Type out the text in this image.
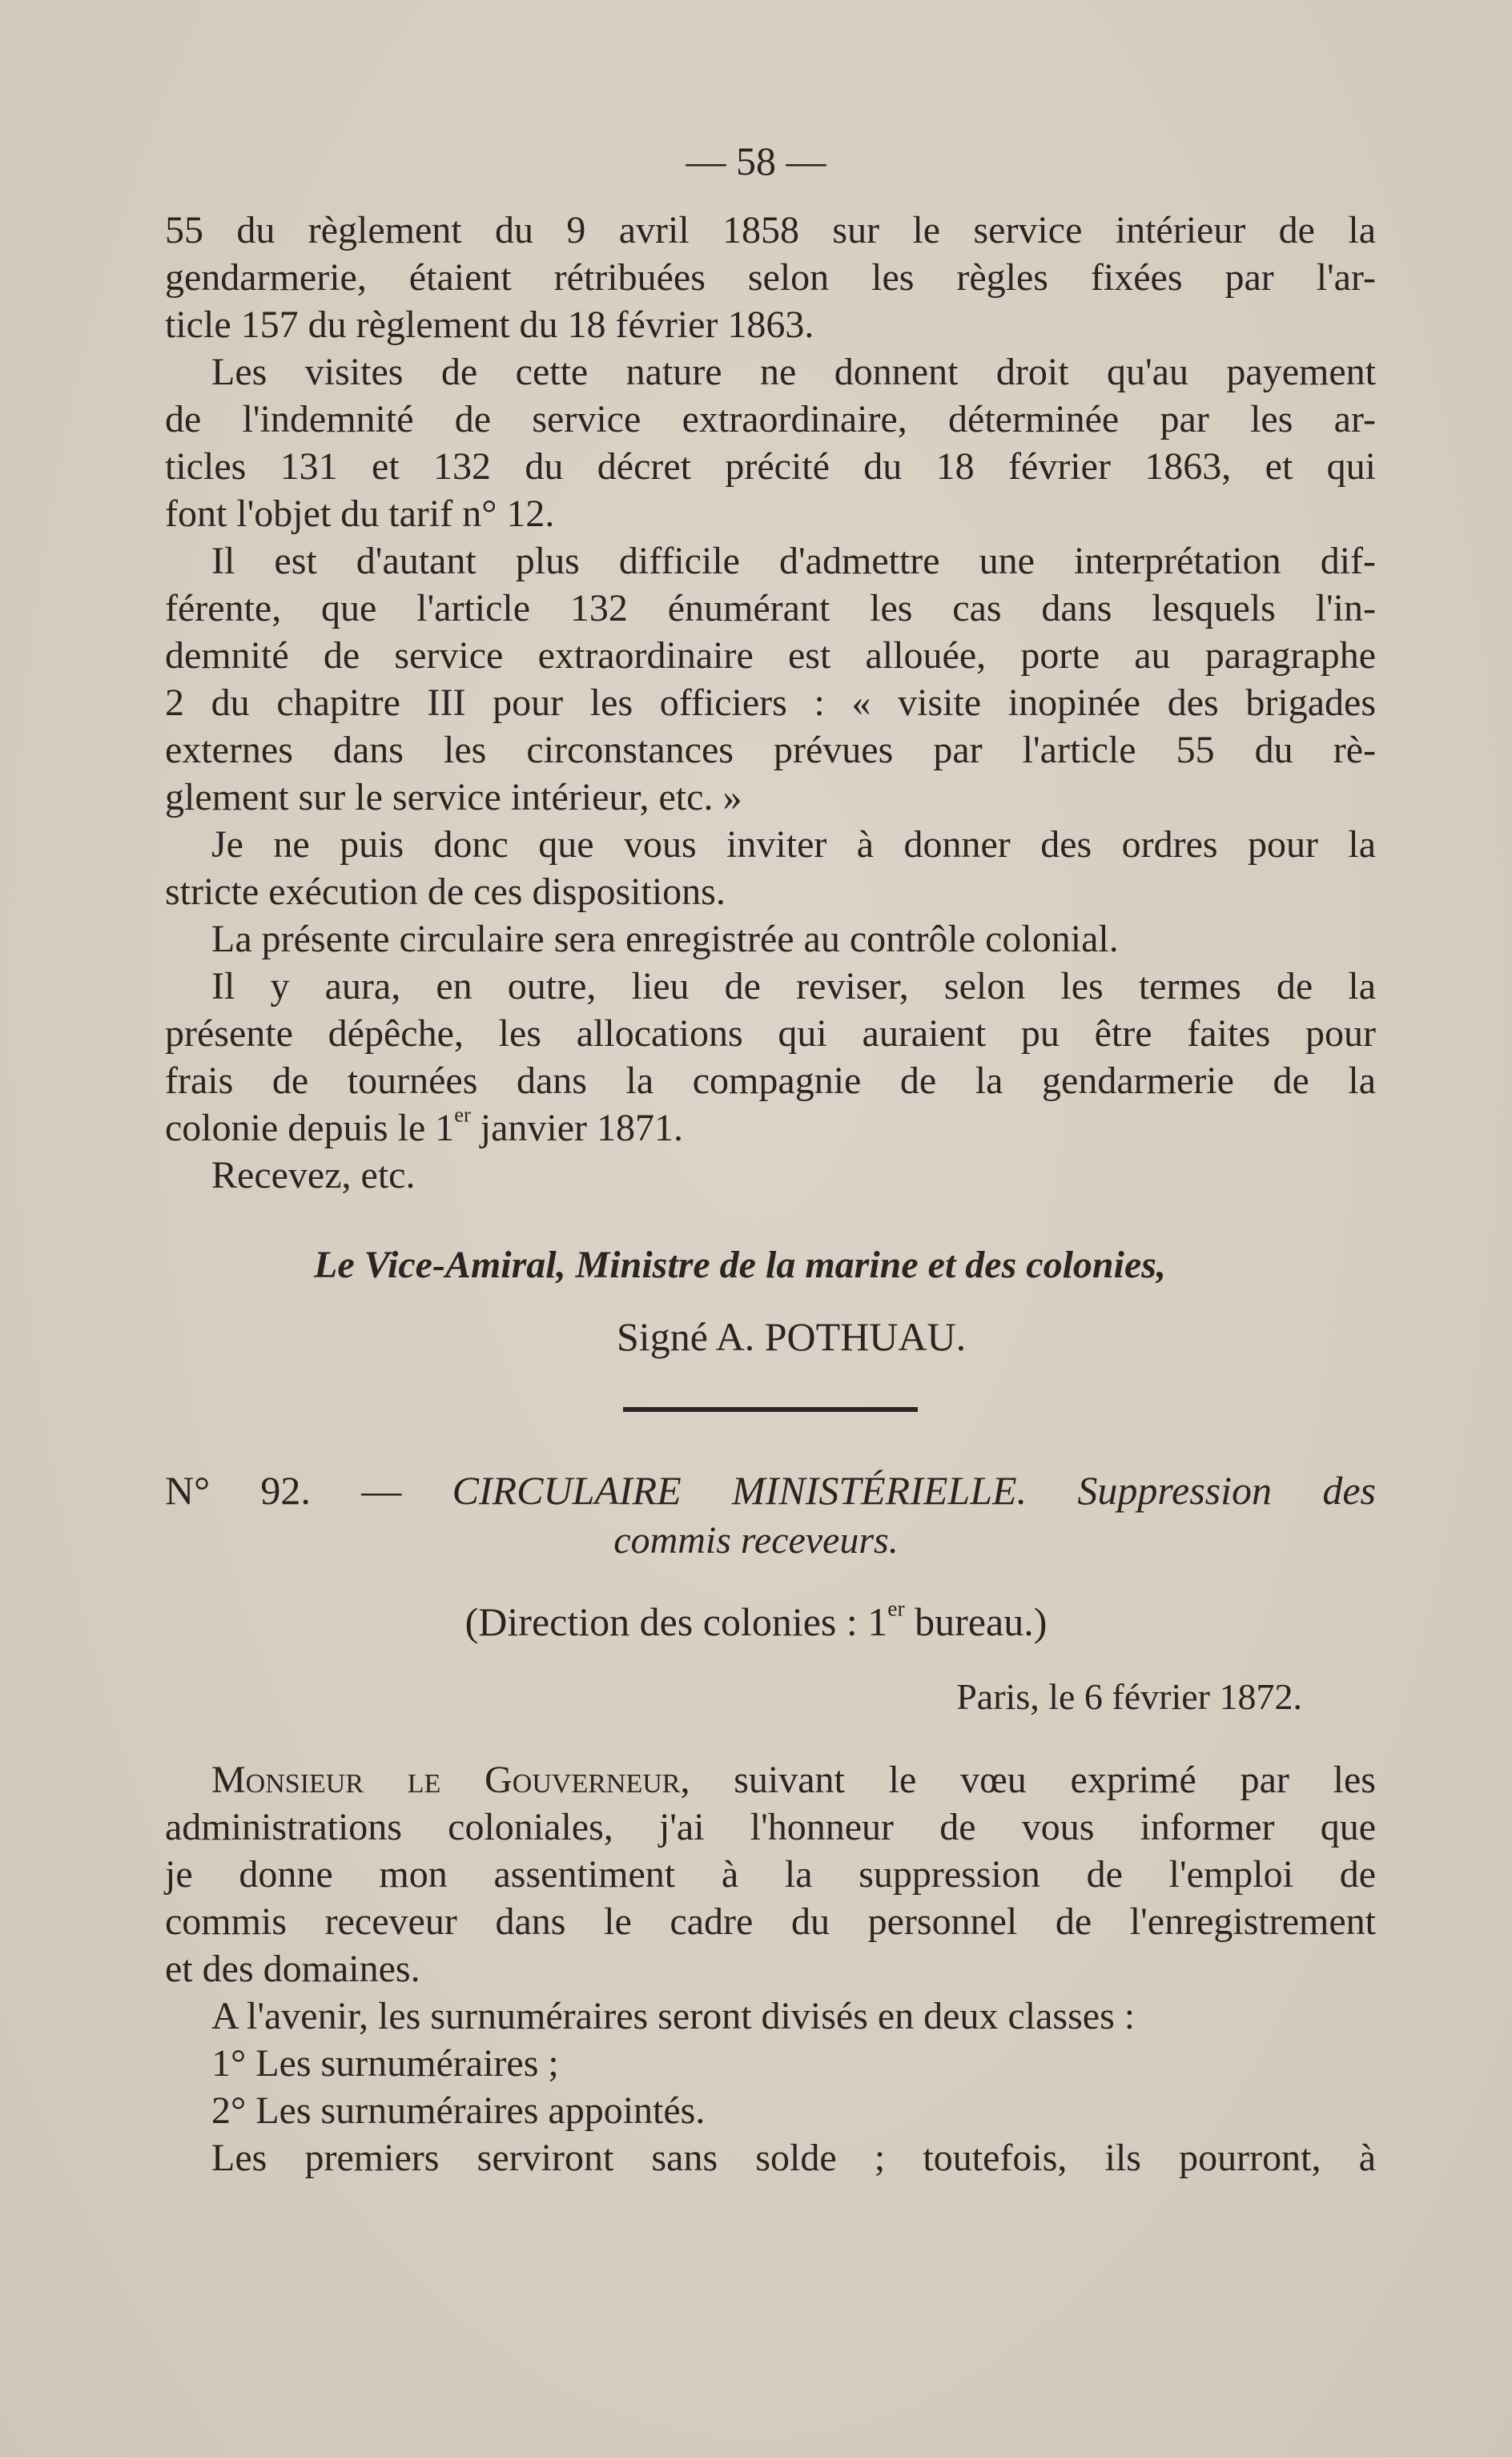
— 58 —
55 du règlement du 9 avril 1858 sur le service intérieur de la
gendarmerie, étaient rétribuées selon les règles fixées par l'ar-
ticle 157 du règlement du 18 février 1863.
Les visites de cette nature ne donnent droit qu'au payement
de l'indemnité de service extraordinaire, déterminée par les ar-
ticles 131 et 132 du décret précité du 18 février 1863, et qui
font l'objet du tarif n° 12.
Il est d'autant plus difficile d'admettre une interprétation dif-
férente, que l'article 132 énumérant les cas dans lesquels l'in-
demnité de service extraordinaire est allouée, porte au paragraphe
2 du chapitre III pour les officiers : « visite inopinée des brigades
externes dans les circonstances prévues par l'article 55 du rè-
glement sur le service intérieur, etc. »
Je ne puis donc que vous inviter à donner des ordres pour la
stricte exécution de ces dispositions.
La présente circulaire sera enregistrée au contrôle colonial.
Il y aura, en outre, lieu de reviser, selon les termes de la
présente dépêche, les allocations qui auraient pu être faites pour
frais de tournées dans la compagnie de la gendarmerie de la
colonie depuis le 1er janvier 1871.
Recevez, etc.
Le Vice-Amiral, Ministre de la marine et des colonies,
Signé A. POTHUAU.
N° 92. — CIRCULAIRE MINISTÉRIELLE. Suppression des
commis receveurs.
(Direction des colonies : 1er bureau.)
Paris, le 6 février 1872.
Monsieur le Gouverneur, suivant le vœu exprimé par les
administrations coloniales, j'ai l'honneur de vous informer que
je donne mon assentiment à la suppression de l'emploi de
commis receveur dans le cadre du personnel de l'enregistrement
et des domaines.
A l'avenir, les surnuméraires seront divisés en deux classes :
1° Les surnuméraires ;
2° Les surnuméraires appointés.
Les premiers serviront sans solde ; toutefois, ils pourront, à
